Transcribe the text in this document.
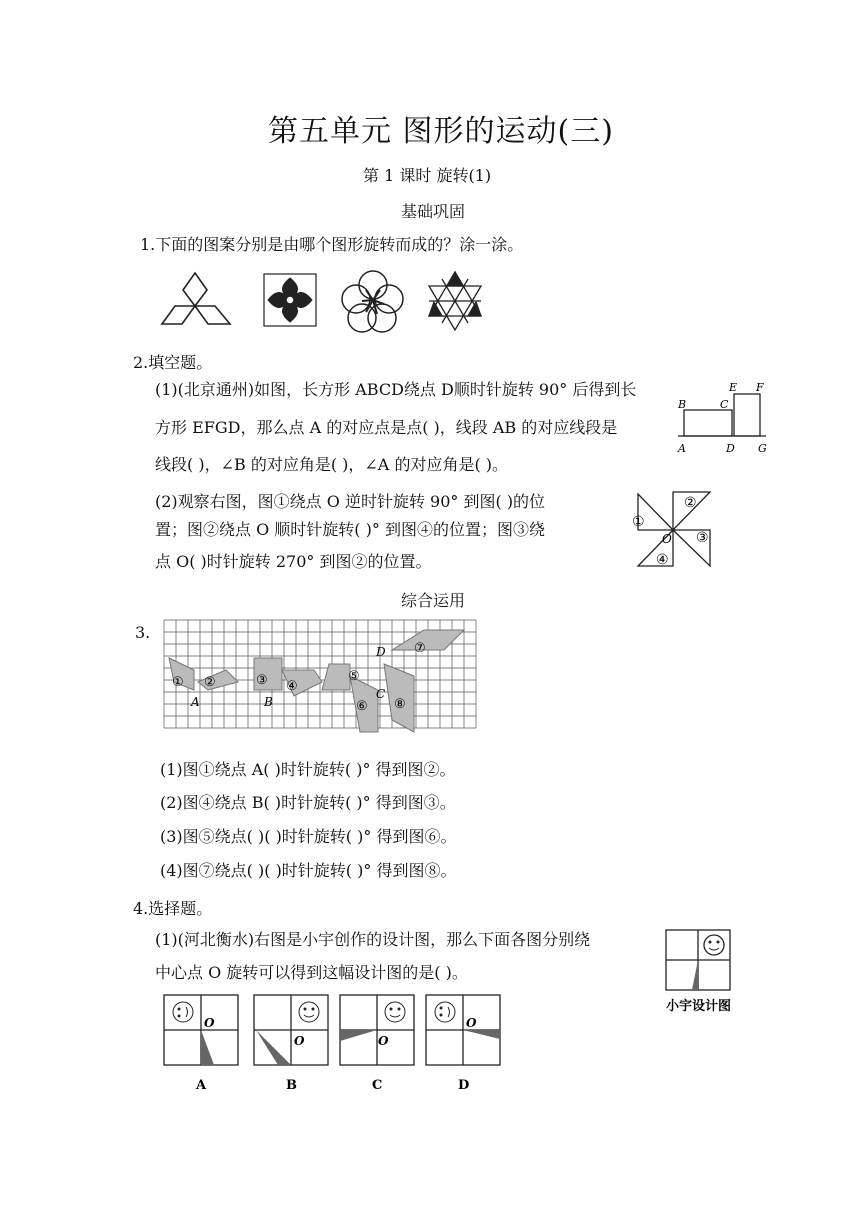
第五单元 图形的运动(三)
第 1 课时 旋转(1)
基础巩固
1.下面的图案分别是由哪个图形旋转而成的？涂一涂。
2.填空题。
(1)(北京通州)如图，长方形 ABCD绕点 D顺时针旋转 90° 后得到长
方形 EFGD，那么点 A 的对应点是点( )，线段 AB 的对应线段是
线段( )，∠B 的对应角是( )，∠A 的对应角是( )。
E F
B	C
A	D G
(2)观察右图，图①绕点 O 逆时针旋转 90° 到图( )的位
置；图②绕点 O 顺时针旋转( )° 到图④的位置；图③绕
点 O( )时针旋转 270° 到图②的位置。
①
②
③
④
O
综合运用
3.
① ②	③ ④
⑤
⑥
⑦
⑧
A	B
C
D
(1)图①绕点 A( )时针旋转( )° 得到图②。
(2)图④绕点 B( )时针旋转( )° 得到图③。
(3)图⑤绕点( )( )时针旋转( )° 得到图⑥。
(4)图⑦绕点( )( )时针旋转( )° 得到图⑧。
4.选择题。
(1)(河北衡水)右图是小宇创作的设计图，那么下面各图分别绕
中心点 O 旋转可以得到这幅设计图的是( )。
小宇设计图
O
A
O
B
O
C
O
D
